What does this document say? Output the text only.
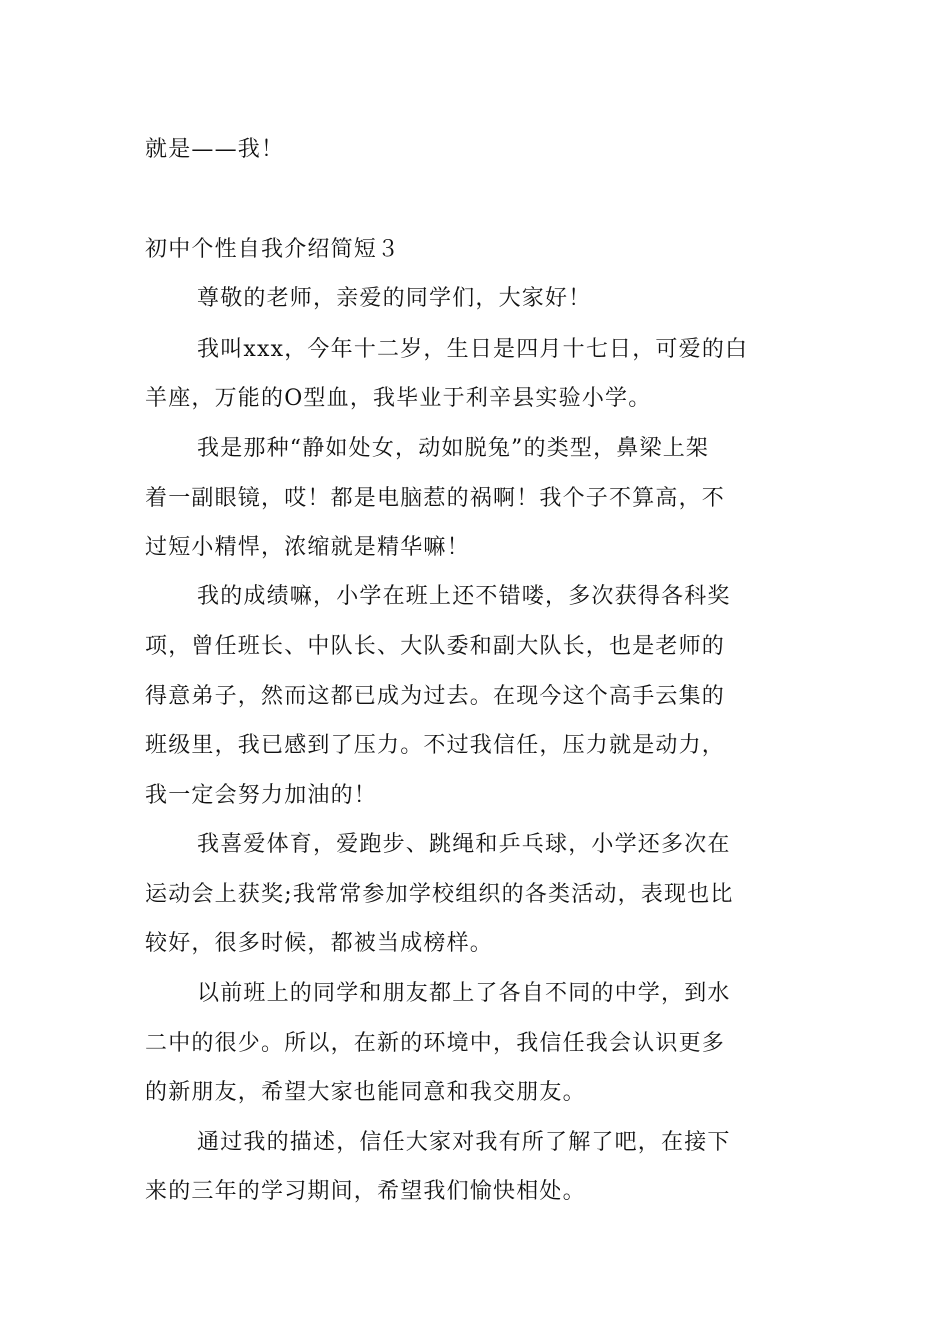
就是——我！
初中个性自我介绍简短３
尊敬的老师，亲爱的同学们，大家好！
我叫xxx，今年十二岁，生日是四月十七日，可爱的白
羊座，万能的O型血，我毕业于利辛县实验小学。
我是那种“静如处女，动如脱兔”的类型，鼻梁上架
着一副眼镜，哎！都是电脑惹的祸啊！我个子不算高，不
过短小精悍，浓缩就是精华嘛！
我的成绩嘛，小学在班上还不错喽，多次获得各科奖
项，曾任班长、中队长、大队委和副大队长，也是老师的
得意弟子，然而这都已成为过去。在现今这个高手云集的
班级里，我已感到了压力。不过我信任，压力就是动力，
我一定会努力加油的！
我喜爱体育，爱跑步、跳绳和乒乓球，小学还多次在
运动会上获奖;我常常参加学校组织的各类活动，表现也比
较好，很多时候，都被当成榜样。
以前班上的同学和朋友都上了各自不同的中学，到水
二中的很少。所以，在新的环境中，我信任我会认识更多
的新朋友，希望大家也能同意和我交朋友。
通过我的描述，信任大家对我有所了解了吧，在接下
来的三年的学习期间，希望我们愉快相处。
